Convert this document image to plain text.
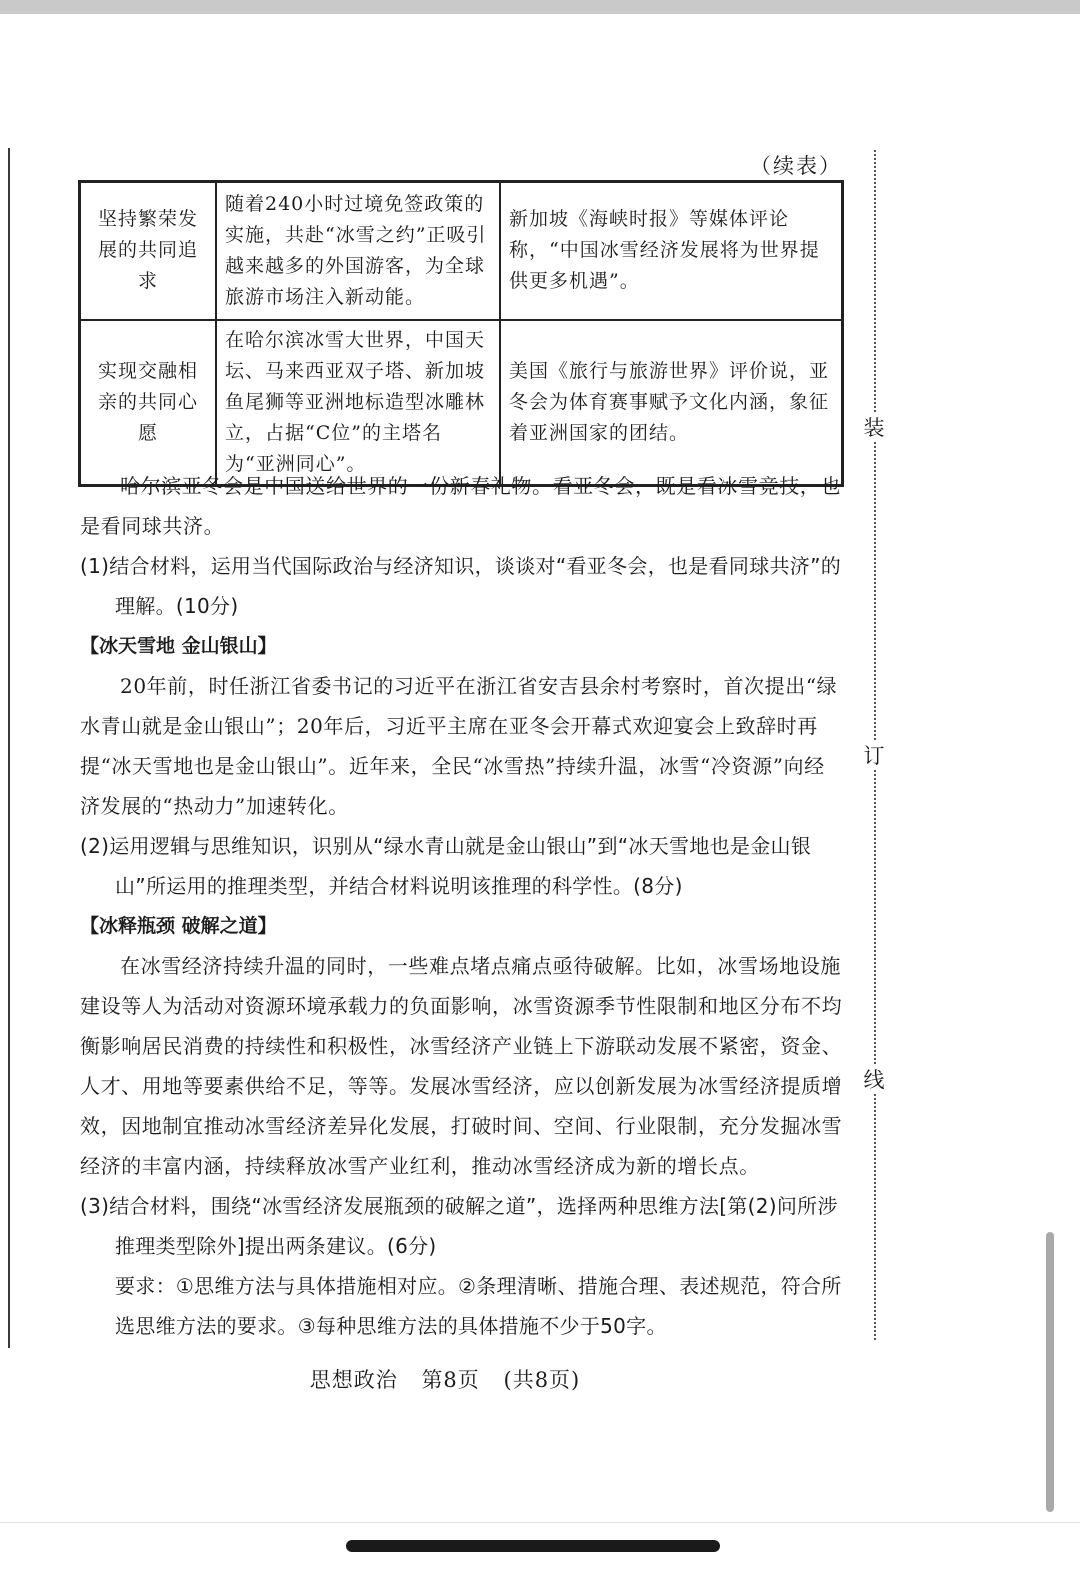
（续表）
坚持繁荣发展的共同追求	随着240小时过境免签政策的实施，共赴“冰雪之约”正吸引越来越多的外国游客，为全球旅游市场注入新动能。	新加坡《海峡时报》等媒体评论称，“中国冰雪经济发展将为世界提供更多机遇”。
实现交融相亲的共同心愿	在哈尔滨冰雪大世界，中国天坛、马来西亚双子塔、新加坡鱼尾狮等亚洲地标造型冰雕林立，占据“C位”的主塔名为“亚洲同心”。	美国《旅行与旅游世界》评价说，亚冬会为体育赛事赋予文化内涵，象征着亚洲国家的团结。

哈尔滨亚冬会是中国送给世界的一份新春礼物。看亚冬会，既是看冰雪竞技，也是看同球共济。

(1)结合材料，运用当代国际政治与经济知识，谈谈对“看亚冬会，也是看同球共济”的理解。(10分)

【冰天雪地 金山银山】

20年前，时任浙江省委书记的习近平在浙江省安吉县余村考察时，首次提出“绿水青山就是金山银山”；20年后，习近平主席在亚冬会开幕式欢迎宴会上致辞时再提“冰天雪地也是金山银山”。近年来，全民“冰雪热”持续升温，冰雪“冷资源”向经济发展的“热动力”加速转化。

(2)运用逻辑与思维知识，识别从“绿水青山就是金山银山”到“冰天雪地也是金山银山”所运用的推理类型，并结合材料说明该推理的科学性。(8分)

【冰释瓶颈 破解之道】

在冰雪经济持续升温的同时，一些难点堵点痛点亟待破解。比如，冰雪场地设施建设等人为活动对资源环境承载力的负面影响，冰雪资源季节性限制和地区分布不均衡影响居民消费的持续性和积极性，冰雪经济产业链上下游联动发展不紧密，资金、人才、用地等要素供给不足，等等。发展冰雪经济，应以创新发展为冰雪经济提质增效，因地制宜推动冰雪经济差异化发展，打破时间、空间、行业限制，充分发掘冰雪经济的丰富内涵，持续释放冰雪产业红利，推动冰雪经济成为新的增长点。

(3)结合材料，围绕“冰雪经济发展瓶颈的破解之道”，选择两种思维方法[第(2)问所涉推理类型除外]提出两条建议。(6分)

要求：①思维方法与具体措施相对应。②条理清晰、措施合理、表述规范，符合所选思维方法的要求。③每种思维方法的具体措施不少于50字。

装
订
线
思想政治 第8页 (共8页)
